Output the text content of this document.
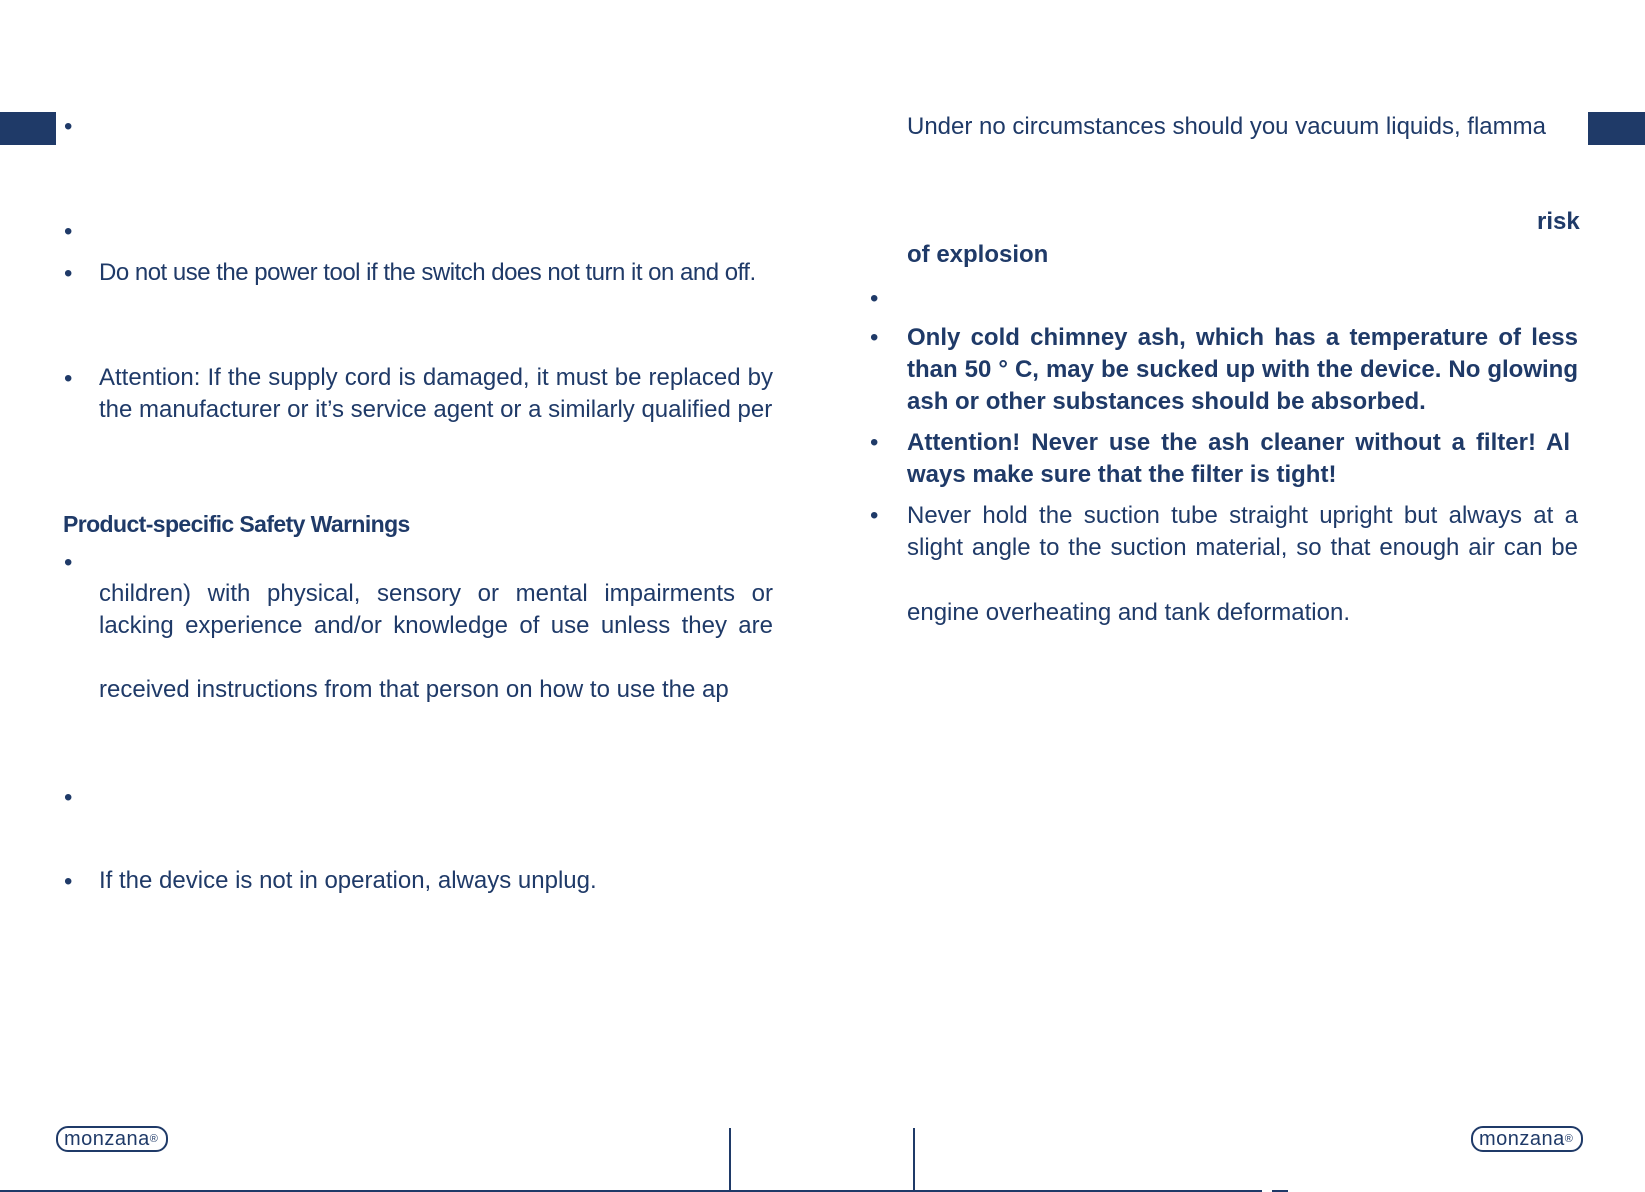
•
•
• Do not use the power tool if the switch does not turn it on and off.
• Attention: If the supply cord is damaged, it must be replaced by
the manufacturer or it’s service agent or a similarly qualified per
Product-specific Safety Warnings
•
children) with physical, sensory or mental impairments or
lacking experience and/or knowledge of use unless they are
received instructions from that person on how to use the ap
•
• If the device is not in operation, always unplug.
monzana ®
Under no circumstances should you vacuum liquids, flamma
risk
of explosion
•
• Only cold chimney ash, which has a temperature of less
than 50 ° C, may be sucked up with the device. No glowing
ash or other substances should be absorbed.
• Attention! Never use the ash cleaner without a filter! Al
ways make sure that the filter is tight!
• Never hold the suction tube straight upright but always at a
slight angle to the suction material, so that enough air can be
engine overheating and tank deformation.
monzana ®
